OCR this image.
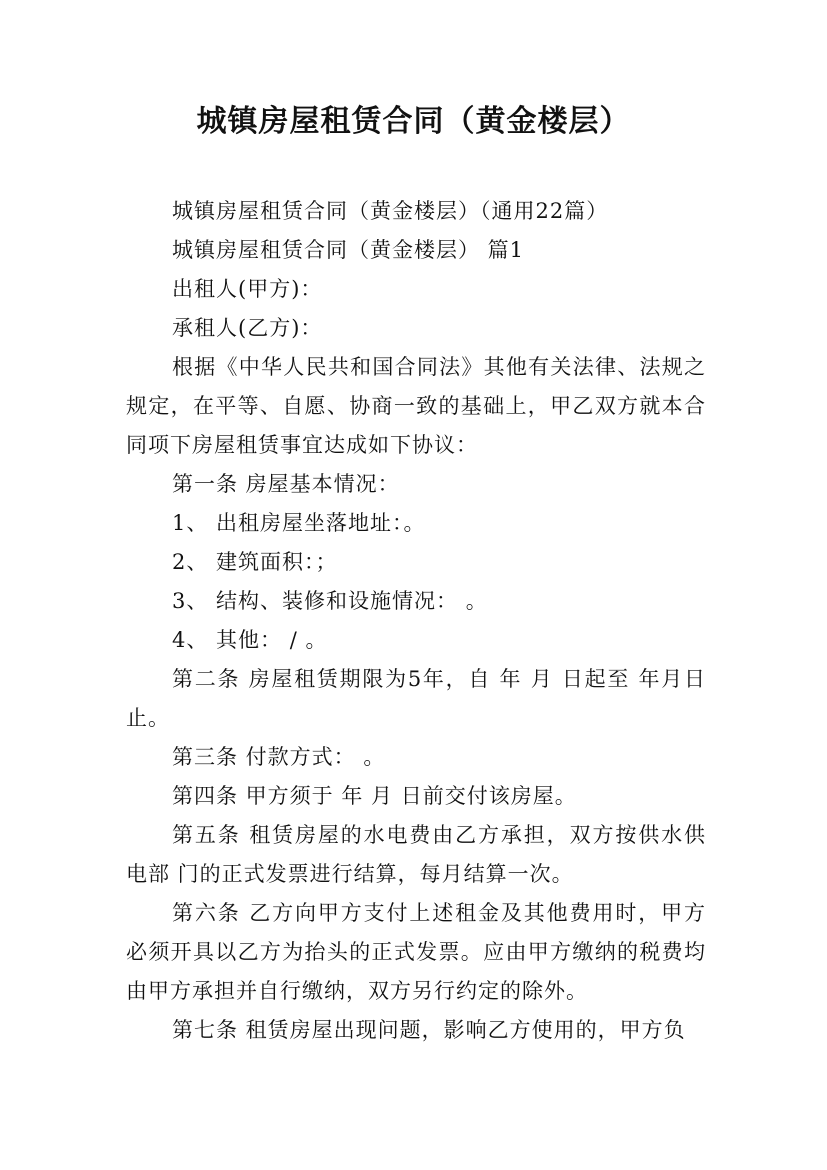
城镇房屋租赁合同（黄金楼层）

城镇房屋租赁合同（黄金楼层）（通用22篇）

城镇房屋租赁合同（黄金楼层） 篇1

出租人(甲方)：

承租人(乙方)：

根据《中华人民共和国合同法》其他有关法律、法规之规定，在平等、自愿、协商一致的基础上，甲乙双方就本合同项下房屋租赁事宜达成如下协议：

第一条 房屋基本情况：

1、 出租房屋坐落地址：。

2、 建筑面积：；

3、 结构、装修和设施情况： 。

4、 其他： / 。

第二条 房屋租赁期限为5年，自 年 月 日起至 年月日止。

第三条 付款方式： 。

第四条 甲方须于 年 月 日前交付该房屋。

第五条 租赁房屋的水电费由乙方承担，双方按供水供电部 门的正式发票进行结算，每月结算一次。

第六条 乙方向甲方支付上述租金及其他费用时，甲方必须开具以乙方为抬头的正式发票。应由甲方缴纳的税费均由甲方承担并自行缴纳，双方另行约定的除外。

第七条 租赁房屋出现问题，影响乙方使用的，甲方负
